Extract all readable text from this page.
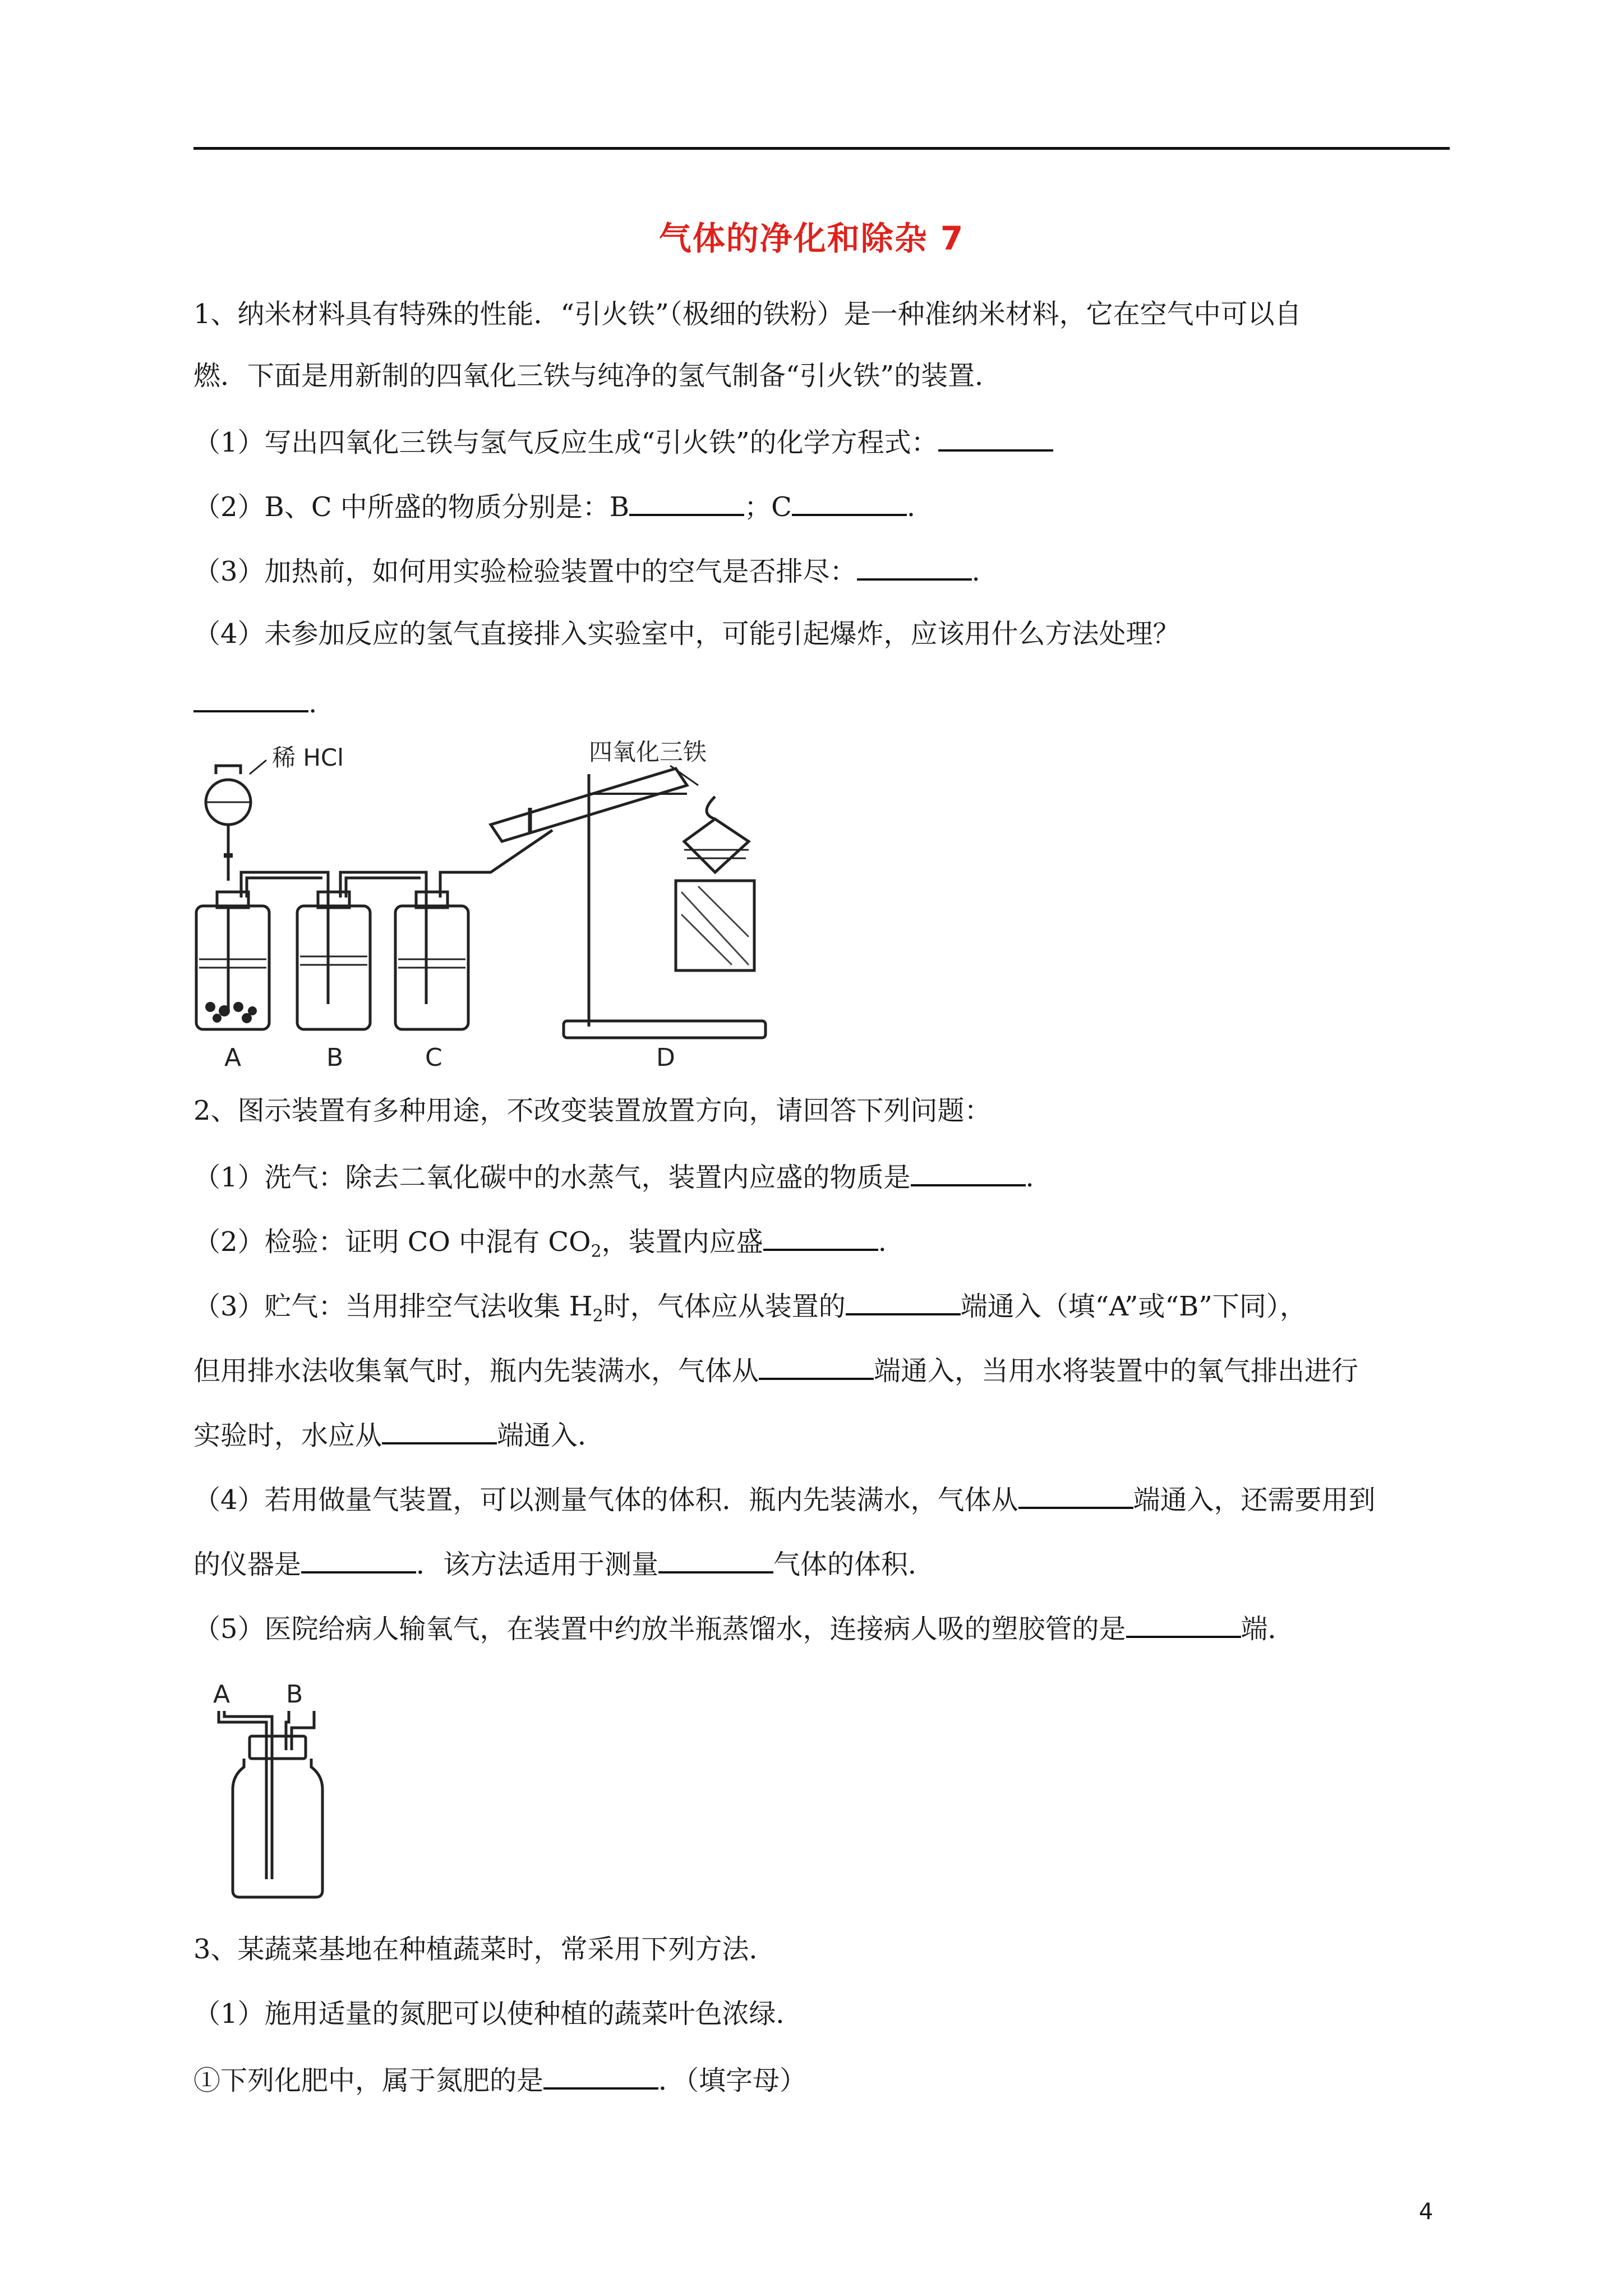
气体的净化和除杂 7
1、纳米材料具有特殊的性能．“引火铁”（极细的铁粉）是一种准纳米材料，它在空气中可以自
燃．下面是用新制的四氧化三铁与纯净的氢气制备“引火铁”的装置．
（1）写出四氧化三铁与氢气反应生成“引火铁”的化学方程式：
（2）B、C 中所盛的物质分别是：B	；C	.
（3）加热前，如何用实验检验装置中的空气是否排尽：	.
（4）未参加反应的氢气直接排入实验室中，可能引起爆炸，应该用什么方法处理？
.
稀 HCl	四氧化三铁
A	B	C	D
2、图示装置有多种用途，不改变装置放置方向，请回答下列问题：
（1）洗气：除去二氧化碳中的水蒸气，装置内应盛的物质是	.
（2）检验：证明 CO 中混有 $CO_2$，装置内应盛	.
（3）贮气：当用排空气法收集 $H_2$时，气体应从装置的	端通入（填“A”或“B”下同），
但用排水法收集氧气时，瓶内先装满水，气体从	端通入，当用水将装置中的氧气排出进行
实验时，水应从	端通入．
（4）若用做量气装置，可以测量气体的体积．瓶内先装满水，气体从	端通入，还需要用到
的仪器是	．该方法适用于测量	气体的体积．
（5）医院给病人输氧气，在装置中约放半瓶蒸馏水，连接病人吸的塑胶管的是	端．
A B
3、某蔬菜基地在种植蔬菜时，常采用下列方法．
（1）施用适量的氮肥可以使种植的蔬菜叶色浓绿．
①下列化肥中，属于氮肥的是	．（填字母）
4
